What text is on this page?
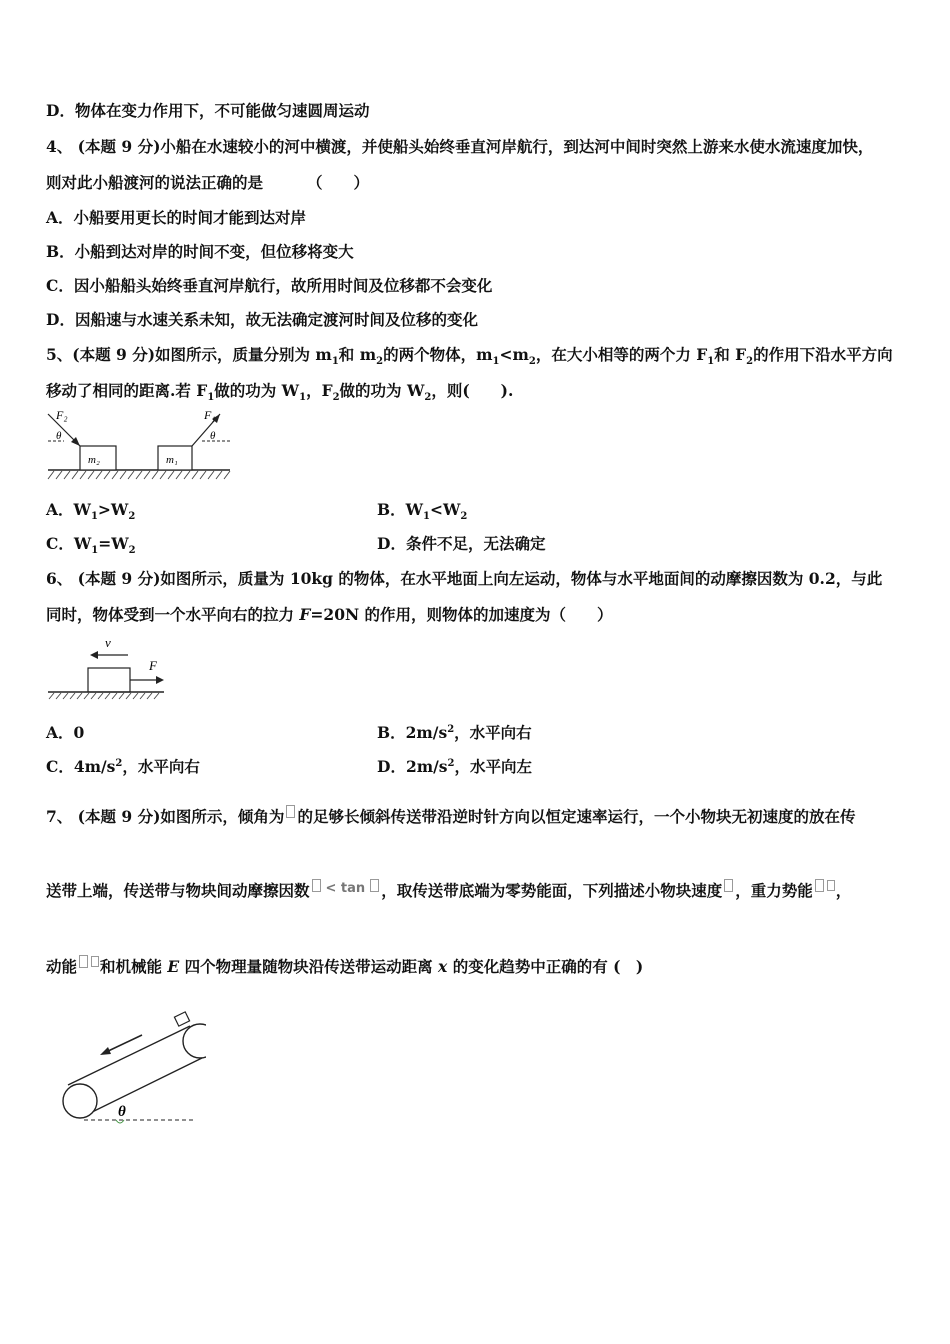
D．物体在变力作用下，不可能做匀速圆周运动
4、 (本题 9 分)小船在水速较小的河中横渡，并使船头始终垂直河岸航行，到达河中间时突然上游来水使水流速度加快，
则对此小船渡河的说法正确的是	（　　）
A．小船要用更长的时间才能到达对岸
B．小船到达对岸的时间不变，但位移将变大
C．因小船船头始终垂直河岸航行，故所用时间及位移都不会变化
D．因船速与水速关系未知，故无法确定渡河时间及位移的变化
5、(本题 9 分)如图所示，质量分别为 $m_1$和 $m_2$的两个物体，$m_1<m_2$，在大小相等的两个力 $F_1$和 $F_2$的作用下沿水平方向
移动了相同的距离.若 $F_1$做的功为 $W_1$，$F_2$做的功为 $W_2$，则(　　).
m₂	m₁
F₂
θ
F₁
θ
A．$W_1>W_2$	B．$W_1<W_2$
C．$W_1=W_2$	D．条件不足，无法确定
6、 (本题 9 分)如图所示，质量为 10kg 的物体，在水平地面上向左运动，物体与水平地面间的动摩擦因数为 0.2，与此
同时，物体受到一个水平向右的拉力 F=20N 的作用，则物体的加速度为（　　）
v
F
A．0	B．$2m/s^2$，水平向右
C．$4m/s^2$，水平向右	D．$2m/s^2$，水平向左
7、 (本题 9 分)如图所示，倾角为 的足够长倾斜传送带沿逆时针方向以恒定速率运行，一个小物块无初速度的放在传
送带上端，传送带与物块间动摩擦因数 $^{< tan}$ ，取传送带底端为零势能面，下列描述小物块速度 ，重力势能 ，
动能 和机械能 E 四个物理量随物块沿传送带运动距离 x 的变化趋势中正确的有 (　)
θ
